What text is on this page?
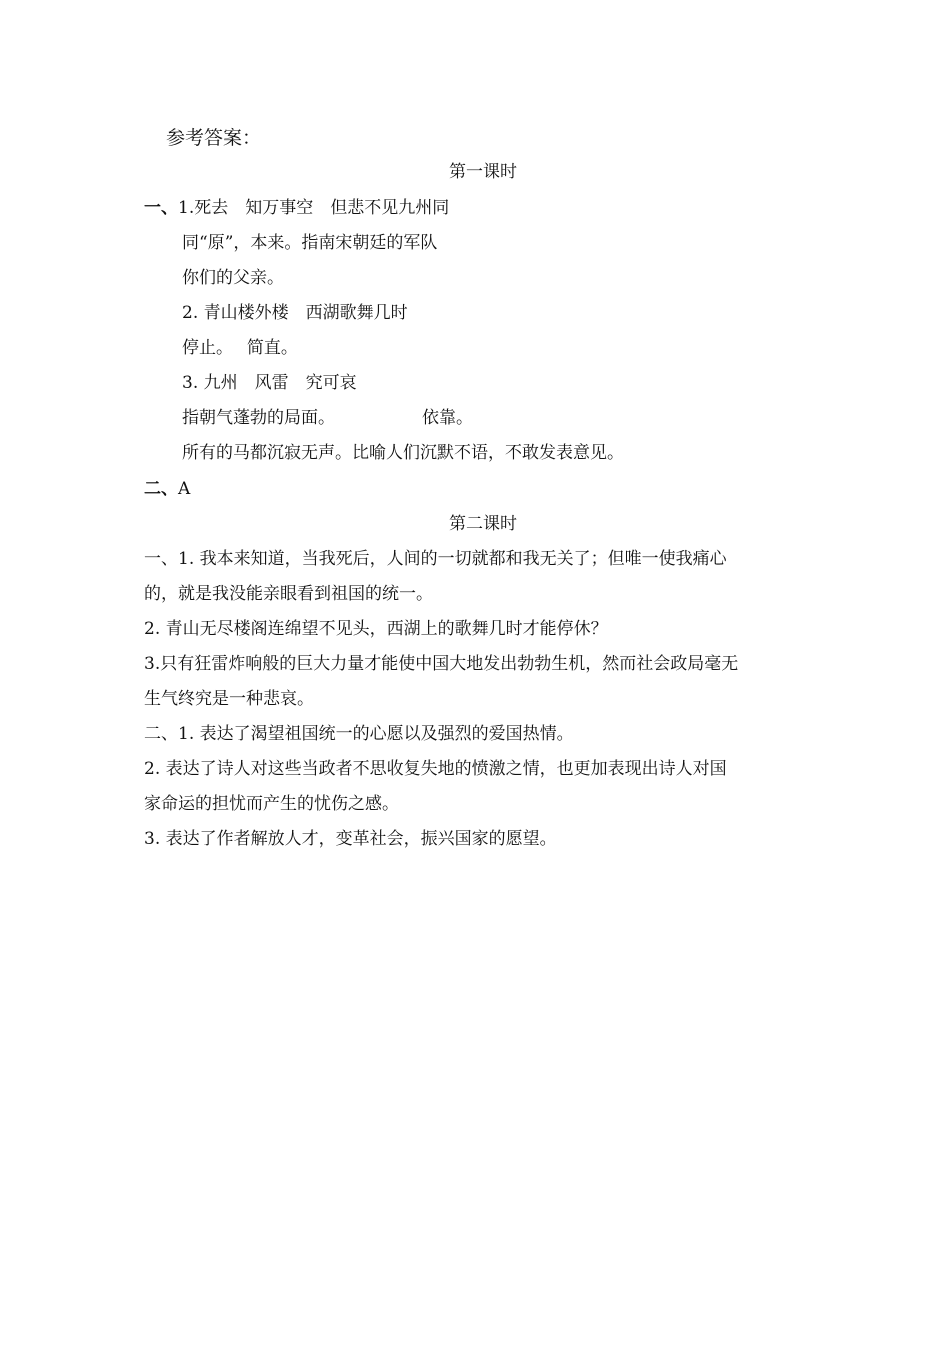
参考答案：
第一课时
一、1.死去　知万事空　但悲不见九州同
同“原”，本来。指南宋朝廷的军队
你们的父亲。
2. 青山楼外楼　西湖歌舞几时
停止。　 简直。
3. 九州　风雷　究可哀
指朝气蓬勃的局面。	依靠。
所有的马都沉寂无声。比喻人们沉默不语，不敢发表意见。
二、A
第二课时
一、1. 我本来知道，当我死后，人间的一切就都和我无关了；但唯一使我痛心
的，就是我没能亲眼看到祖国的统一。
2. 青山无尽楼阁连绵望不见头，西湖上的歌舞几时才能停休？
3.只有狂雷炸响般的巨大力量才能使中国大地发出勃勃生机，然而社会政局毫无
生气终究是一种悲哀。
二、1. 表达了渴望祖国统一的心愿以及强烈的爱国热情。
2. 表达了诗人对这些当政者不思收复失地的愤激之情，也更加表现出诗人对国
家命运的担忧而产生的忧伤之感。
3. 表达了作者解放人才，变革社会，振兴国家的愿望。
